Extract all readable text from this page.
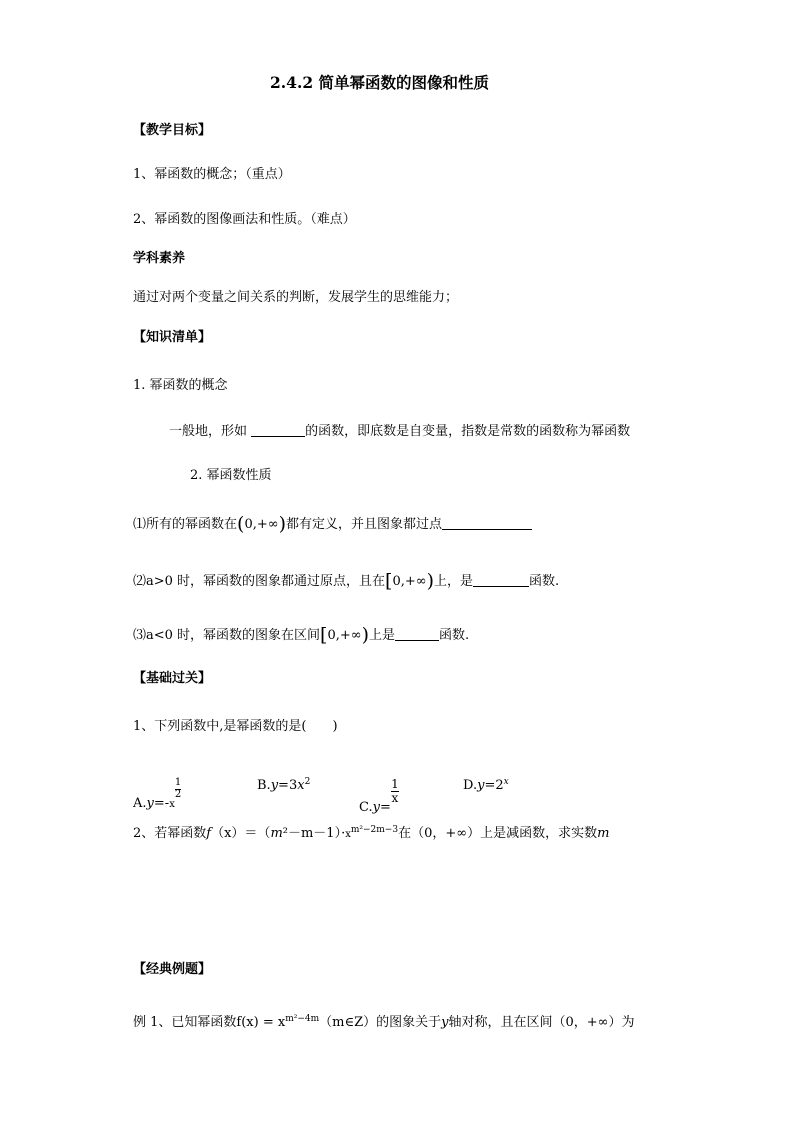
2.4.2 简单幂函数的图像和性质
【教学目标】
1、幂函数的概念；（重点）
2、幂函数的图像画法和性质。（难点）
学科素养
通过对两个变量之间关系的判断，发展学生的思维能力；
【知识清单】
1. 幂函数的概念
一般地，形如	的函数，即底数是自变量，指数是常数的函数称为幂函数
2. 幂函数性质
⑴所有的幂函数在(0,+∞)都有定义，并且图象都过点
⑵a>0 时，幂函数的图象都通过原点，且在[0,+∞)上，是	函数.
⑶a<0 时，幂函数的图象在区间[0,+∞)上是	函数.
【基础过关】
1、下列函数中,是幂函数的是(　　)
A.y=-x
$\frac{1}{2}$	$B.y=3x^2$
C.y=
$\frac{1}{x}$	$D.y=2^x$
2、若幂函数$f(x)=(m^2-m-1)\cdot x^{m^2-2m-3}$在（0，+∞）上是减函数，求实数m
【经典例题】
例 1、已知幂函数$f(x) = x^{m^2-4m}(m\in Z)$的图象关于y轴对称，且在区间（0，+∞）为
